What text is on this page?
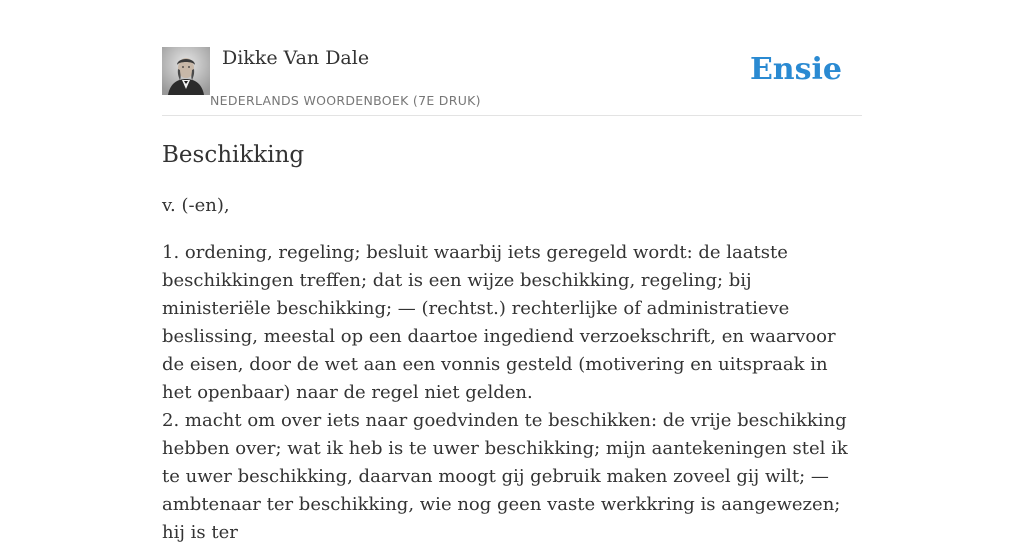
Dikke Van Dale
NEDERLANDS WOORDENBOEK (7E DRUK)
Ensie
Beschikking
v. (-en),

1. ordening, regeling; besluit waarbij iets geregeld wordt: de laatste beschikkingen treffen; dat is een wijze beschikking, regeling; bij ministeriële beschikking; — (rechtst.) rechterlijke of administratieve beslissing, meestal op een daartoe ingediend verzoekschrift, en waarvoor de eisen, door de wet aan een vonnis gesteld (motivering en uitspraak in het openbaar) naar de regel niet gelden.

2. macht om over iets naar goedvinden te beschikken: de vrije beschikking hebben over; wat ik heb is te uwer beschikking; mijn aantekeningen stel ik te uwer beschikking, daarvan moogt gij gebruik maken zoveel gij wilt; — ambtenaar ter beschikking, wie nog geen vaste werkkring is aangewezen; hij is ter
